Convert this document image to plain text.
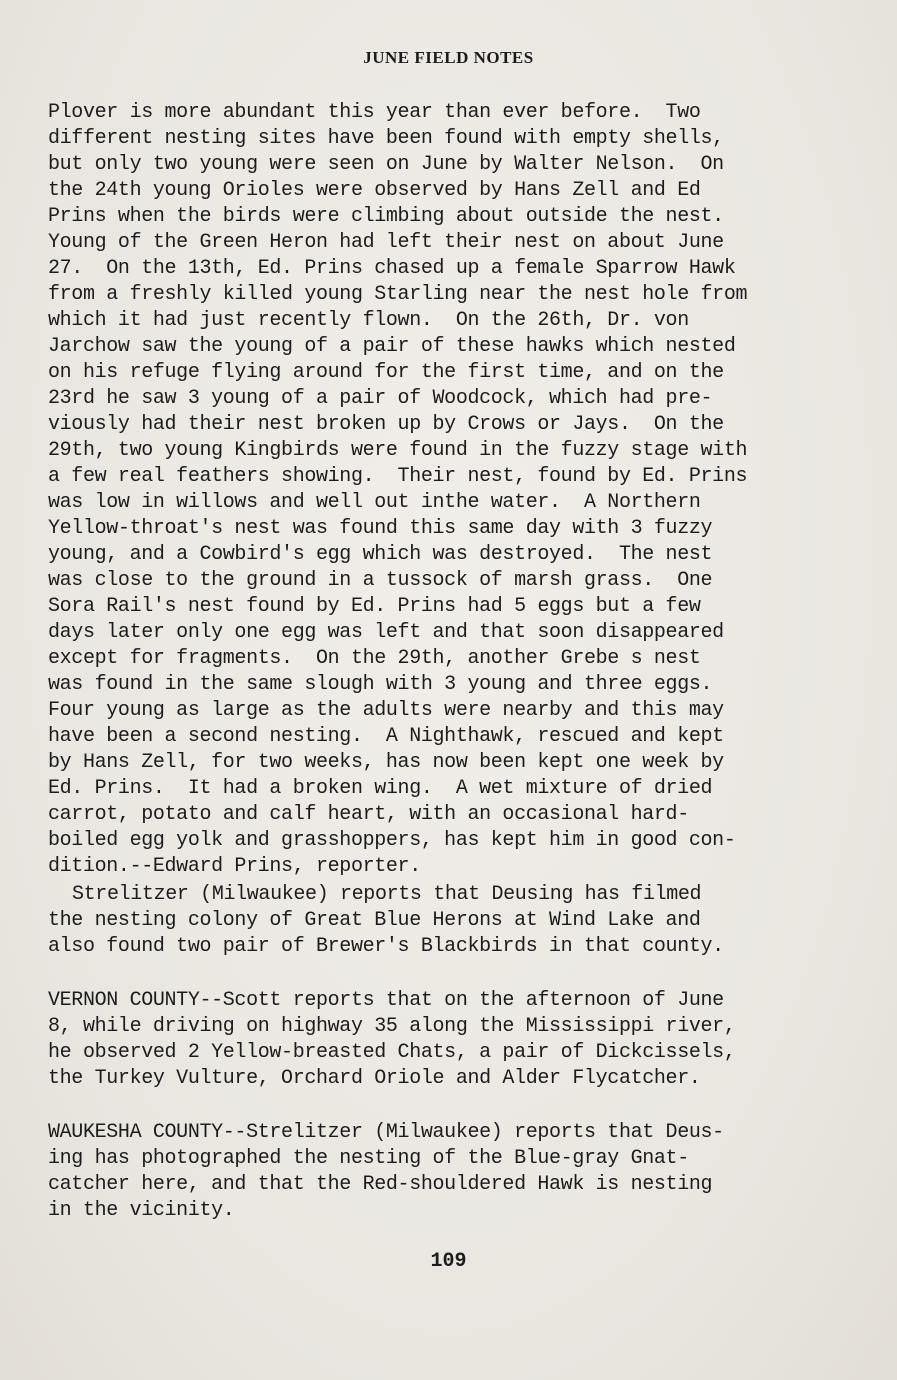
JUNE FIELD NOTES
Plover is more abundant this year than ever before.  Two
different nesting sites have been found with empty shells,
but only two young were seen on June by Walter Nelson.  On
the 24th young Orioles were observed by Hans Zell and Ed
Prins when the birds were climbing about outside the nest.
Young of the Green Heron had left their nest on about June
27.  On the 13th, Ed. Prins chased up a female Sparrow Hawk
from a freshly killed young Starling near the nest hole from
which it had just recently flown.  On the 26th, Dr. von
Jarchow saw the young of a pair of these hawks which nested
on his refuge flying around for the first time, and on the
23rd he saw 3 young of a pair of Woodcock, which had pre-
viously had their nest broken up by Crows or Jays.  On the
29th, two young Kingbirds were found in the fuzzy stage with
a few real feathers showing.  Their nest, found by Ed. Prins
was low in willows and well out inthe water.  A Northern
Yellow-throat's nest was found this same day with 3 fuzzy
young, and a Cowbird's egg which was destroyed.  The nest
was close to the ground in a tussock of marsh grass.  One
Sora Rail's nest found by Ed. Prins had 5 eggs but a few
days later only one egg was left and that soon disappeared
except for fragments.  On the 29th, another Grebe s nest
was found in the same slough with 3 young and three eggs.
Four young as large as the adults were nearby and this may
have been a second nesting.  A Nighthawk, rescued and kept
by Hans Zell, for two weeks, has now been kept one week by
Ed. Prins.  It had a broken wing.  A wet mixture of dried
carrot, potato and calf heart, with an occasional hard-
boiled egg yolk and grasshoppers, has kept him in good con-
dition.--Edward Prins, reporter.
Strelitzer (Milwaukee) reports that Deusing has filmed
the nesting colony of Great Blue Herons at Wind Lake and
also found two pair of Brewer's Blackbirds in that county.
VERNON COUNTY--Scott reports that on the afternoon of June
8, while driving on highway 35 along the Mississippi river,
he observed 2 Yellow-breasted Chats, a pair of Dickcissels,
the Turkey Vulture, Orchard Oriole and Alder Flycatcher.
WAUKESHA COUNTY--Strelitzer (Milwaukee) reports that Deus-
ing has photographed the nesting of the Blue-gray Gnat-
catcher here, and that the Red-shouldered Hawk is nesting
in the vicinity.
109
